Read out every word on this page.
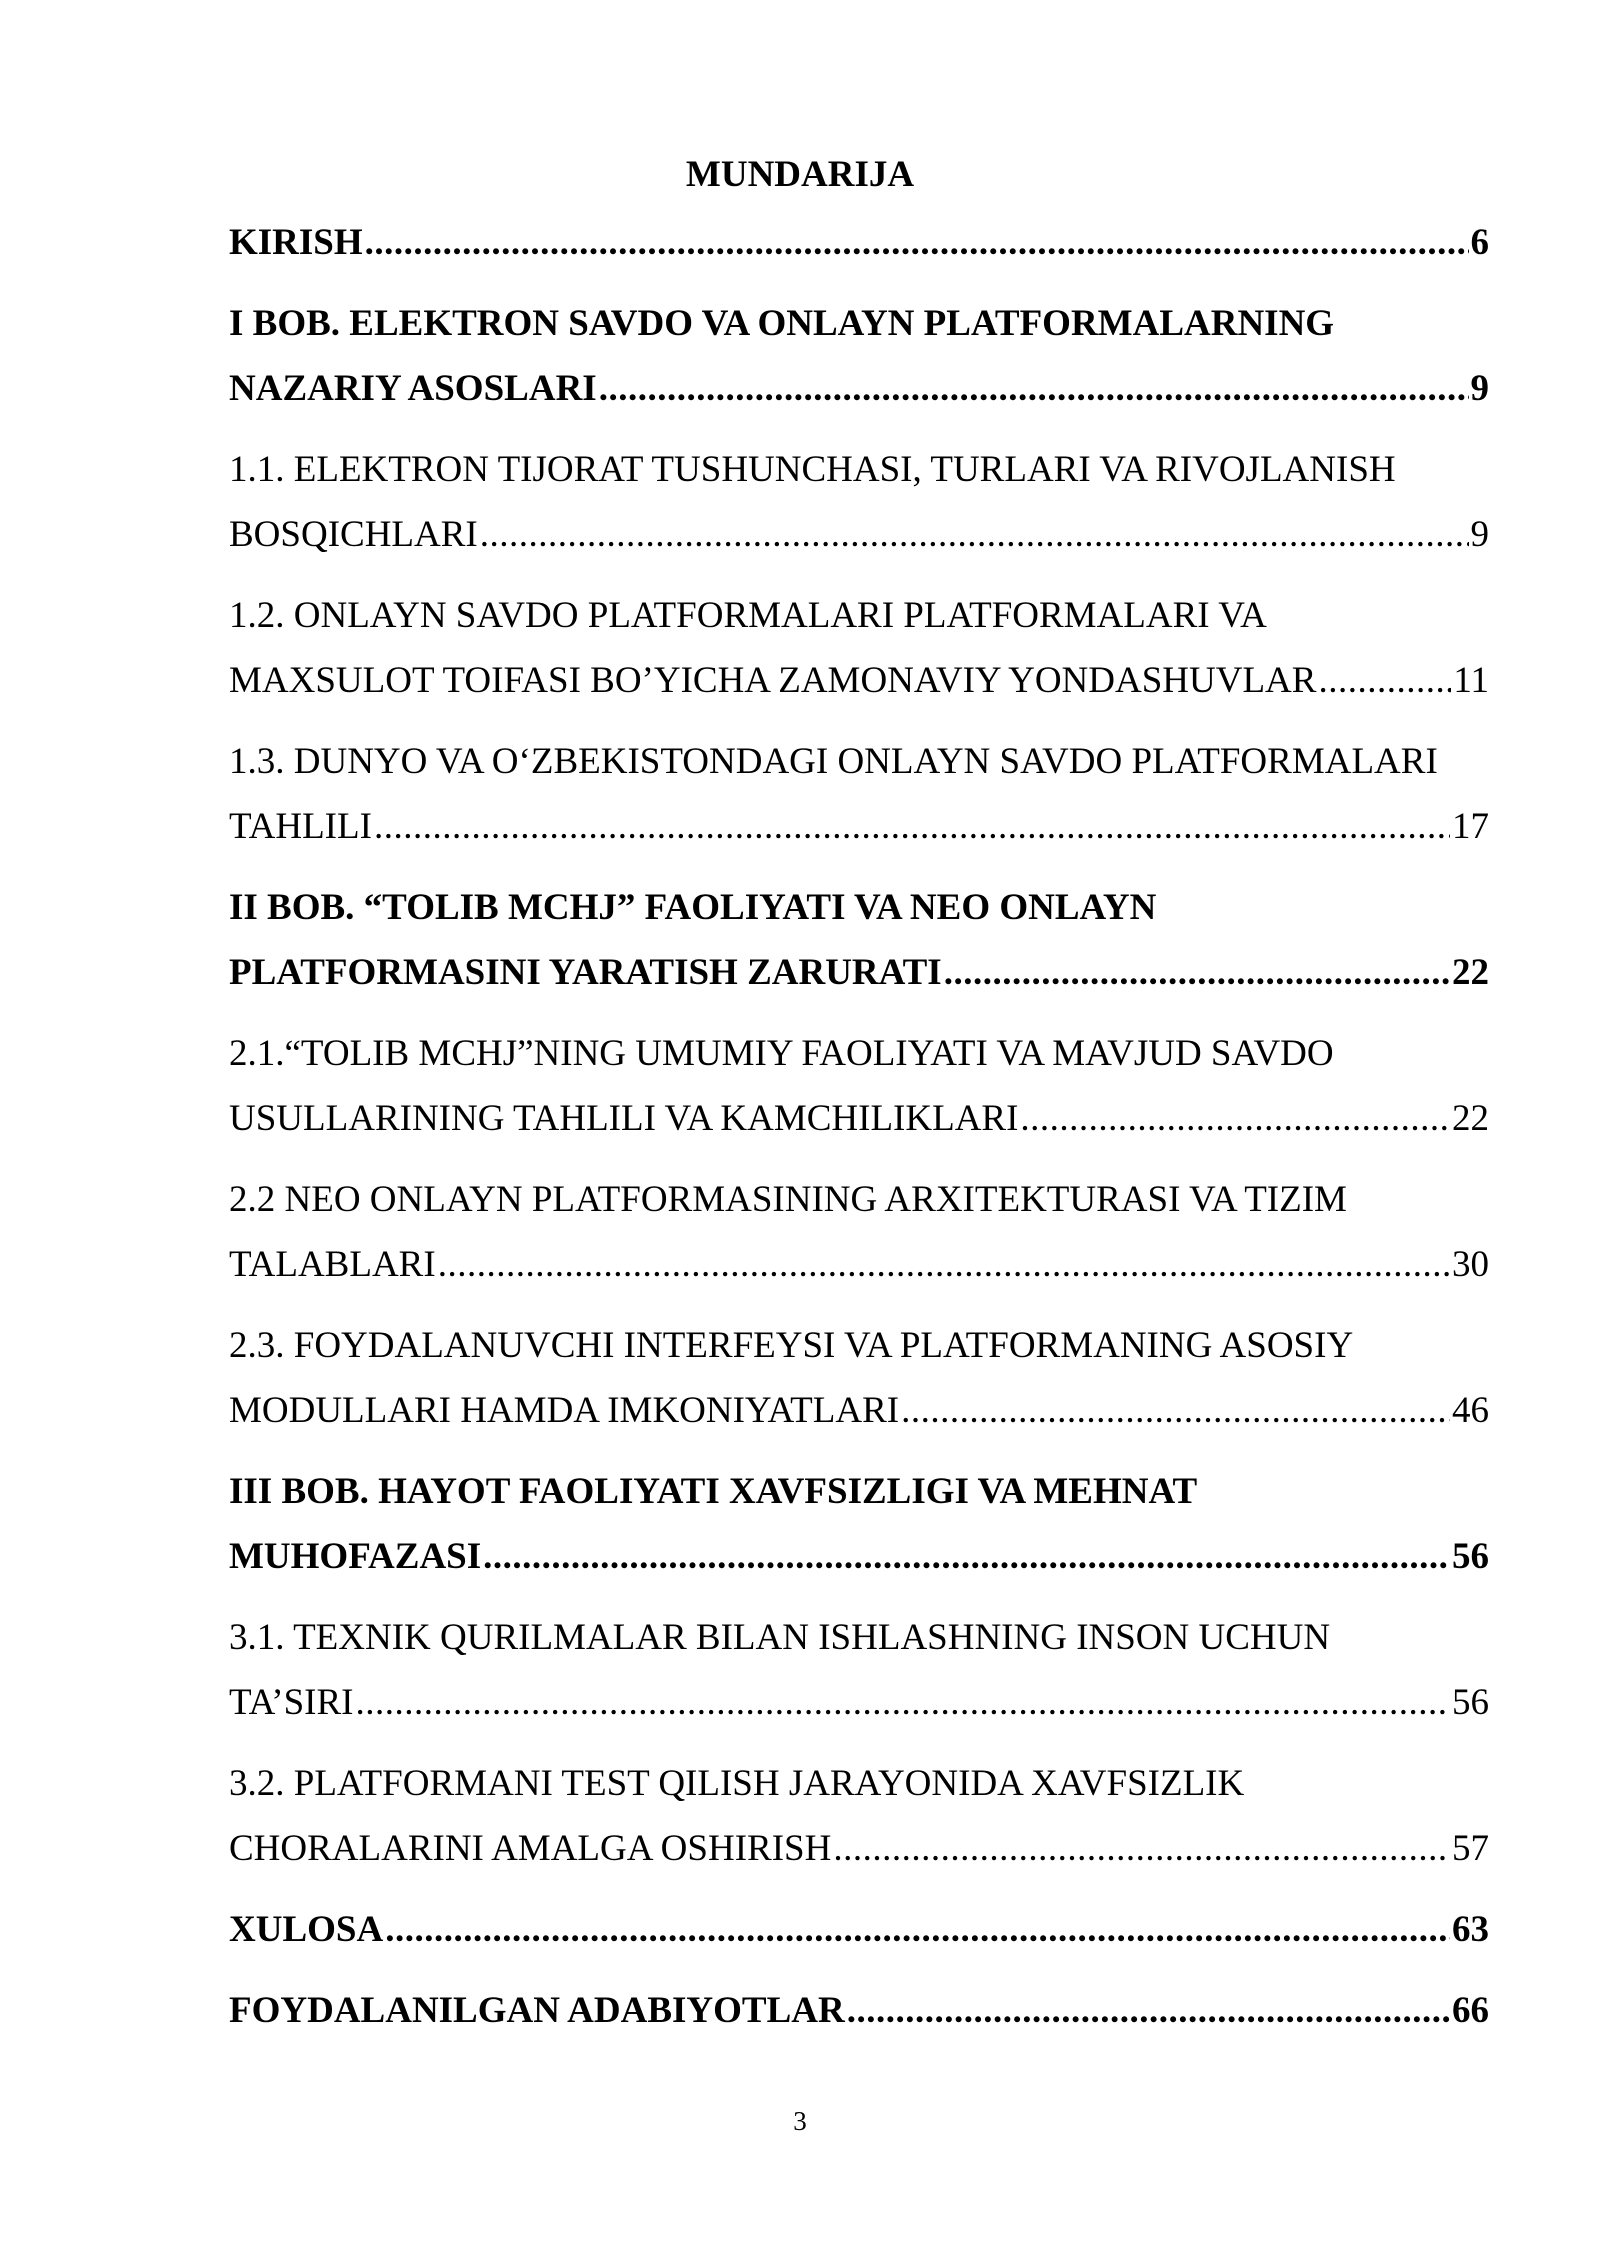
MUNDARIJA
KIRISH .....	6
I BOB. ELEKTRON SAVDO VA ONLAYN PLATFORMALARNING
NAZARIY ASOSLARI .....	9
1.1. ELEKTRON TIJORAT TUSHUNCHASI, TURLARI VA RIVOJLANISH
BOSQICHLARI .....	9
1.2. ONLAYN SAVDO PLATFORMALARI PLATFORMALARI VA
MAXSULOT TOIFASI BO’YICHA ZAMONAVIY YONDASHUVLAR .....	11
1.3. DUNYO VA O‘ZBEKISTONDAGI ONLAYN SAVDO PLATFORMALARI
TAHLILI .....	17
II BOB. “TOLIB MCHJ” FAOLIYATI VA NEO ONLAYN
PLATFORMASINI YARATISH ZARURATI .....	22
2.1.“TOLIB MCHJ”NING UMUMIY FAOLIYATI VA MAVJUD SAVDO
USULLARINING TAHLILI VA KAMCHILIKLARI .....	22
2.2 NEO ONLAYN PLATFORMASINING ARXITEKTURASI VA TIZIM
TALABLARI .....	30
2.3. FOYDALANUVCHI INTERFEYSI VA PLATFORMANING ASOSIY
MODULLARI HAMDA IMKONIYATLARI .....	46
III BOB. HAYOT FAOLIYATI XAVFSIZLIGI VA MEHNAT
MUHOFAZASI .....	56
3.1. TEXNIK QURILMALAR BILAN ISHLASHNING INSON UCHUN
TA’SIRI .....	56
3.2. PLATFORMANI TEST QILISH JARAYONIDA XAVFSIZLIK
CHORALARINI AMALGA OSHIRISH .....	57
XULOSA .....	63
FOYDALANILGAN ADABIYOTLAR .....	66
3
